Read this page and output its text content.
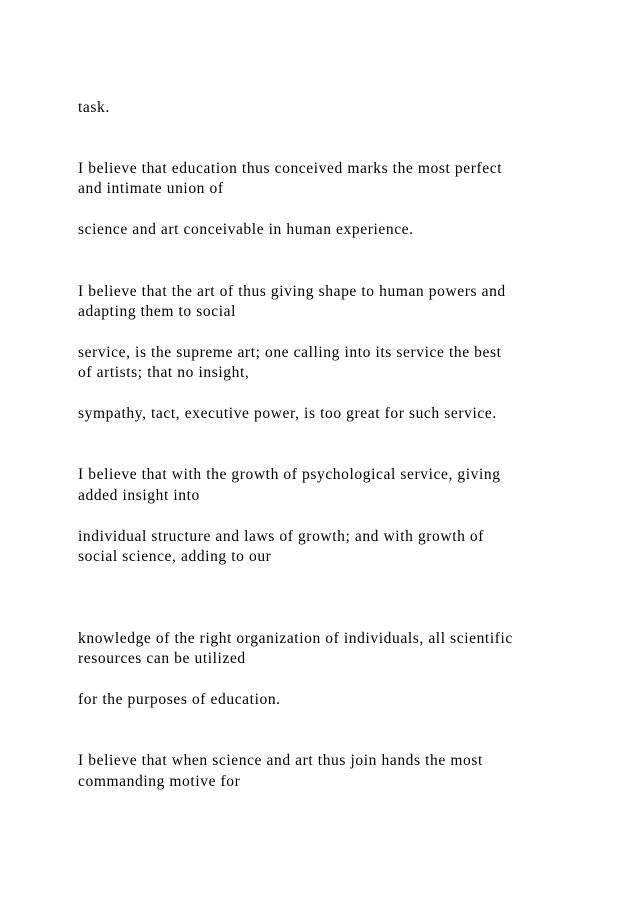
task.

I believe that education thus conceived marks the most perfect

and intimate union of

science and art conceivable in human experience.

I believe that the art of thus giving shape to human powers and

adapting them to social

service, is the supreme art; one calling into its service the best

of artists; that no insight,

sympathy, tact, executive power, is too great for such service.

I believe that with the growth of psychological service, giving

added insight into

individual structure and laws of growth; and with growth of

social science, adding to our

knowledge of the right organization of individuals, all scientific

resources can be utilized

for the purposes of education.

I believe that when science and art thus join hands the most

commanding motive for
